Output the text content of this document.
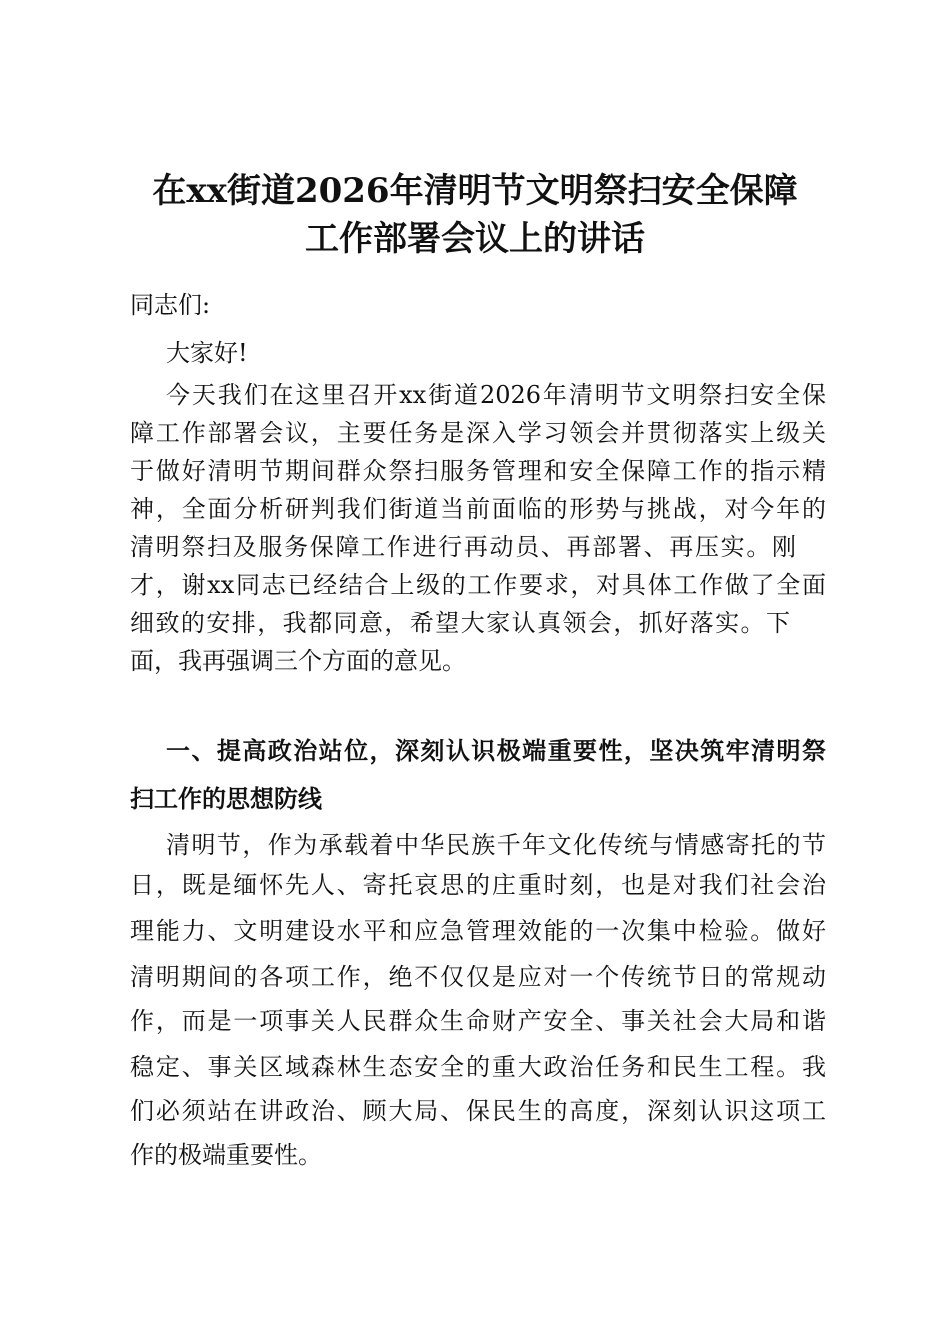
在xx街道2026年清明节文明祭扫安全保障
工作部署会议上的讲话
同志们:
大家好!
今天我们在这里召开xx街道2026年清明节文明祭扫安全保
障工作部署会议，主要任务是深入学习领会并贯彻落实上级关
于做好清明节期间群众祭扫服务管理和安全保障工作的指示精
神，全面分析研判我们街道当前面临的形势与挑战，对今年的
清明祭扫及服务保障工作进行再动员、再部署、再压实。刚
才，谢xx同志已经结合上级的工作要求，对具体工作做了全面
细致的安排，我都同意，希望大家认真领会，抓好落实。下
面，我再强调三个方面的意见。
一、提高政治站位，深刻认识极端重要性，坚决筑牢清明祭
扫工作的思想防线
清明节，作为承载着中华民族千年文化传统与情感寄托的节
日，既是缅怀先人、寄托哀思的庄重时刻，也是对我们社会治
理能力、文明建设水平和应急管理效能的一次集中检验。做好
清明期间的各项工作，绝不仅仅是应对一个传统节日的常规动
作，而是一项事关人民群众生命财产安全、事关社会大局和谐
稳定、事关区域森林生态安全的重大政治任务和民生工程。我
们必须站在讲政治、顾大局、保民生的高度，深刻认识这项工
作的极端重要性。
